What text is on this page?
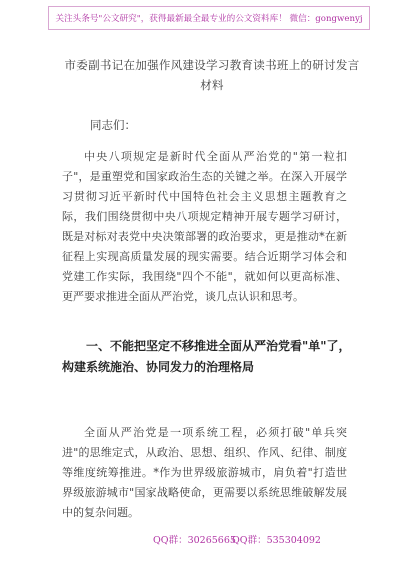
关注头条号"公文研究"，获得最新最全最专业的公文资料库！ 微信：gongwenyj
市委副书记在加强作风建设学习教育读书班上的研讨发言材料
同志们：

中央八项规定是新时代全面从严治党的"第一粒扣子"，是重塑党和国家政治生态的关键之举。在深入开展学习贯彻习近平新时代中国特色社会主义思想主题教育之际，我们围绕贯彻中央八项规定精神开展专题学习研讨，既是对标对表党中央决策部署的政治要求，更是推动*在新征程上实现高质量发展的现实需要。结合近期学习体会和党建工作实际，我围绕"四个不能"，就如何以更高标准、更严要求推进全面从严治党，谈几点认识和思考。

一、不能把坚定不移推进全面从严治党看"单"了，构建系统施治、协同发力的治理格局

全面从严治党是一项系统工程，必须打破"单兵突进"的思维定式，从政治、思想、组织、作风、纪律、制度等维度统筹推进。*作为世界级旅游城市，肩负着"打造世界级旅游城市"国家战略使命，更需要以系统思维破解发展中的复杂问题。

QQ群：30265665
QQ群：535304092
